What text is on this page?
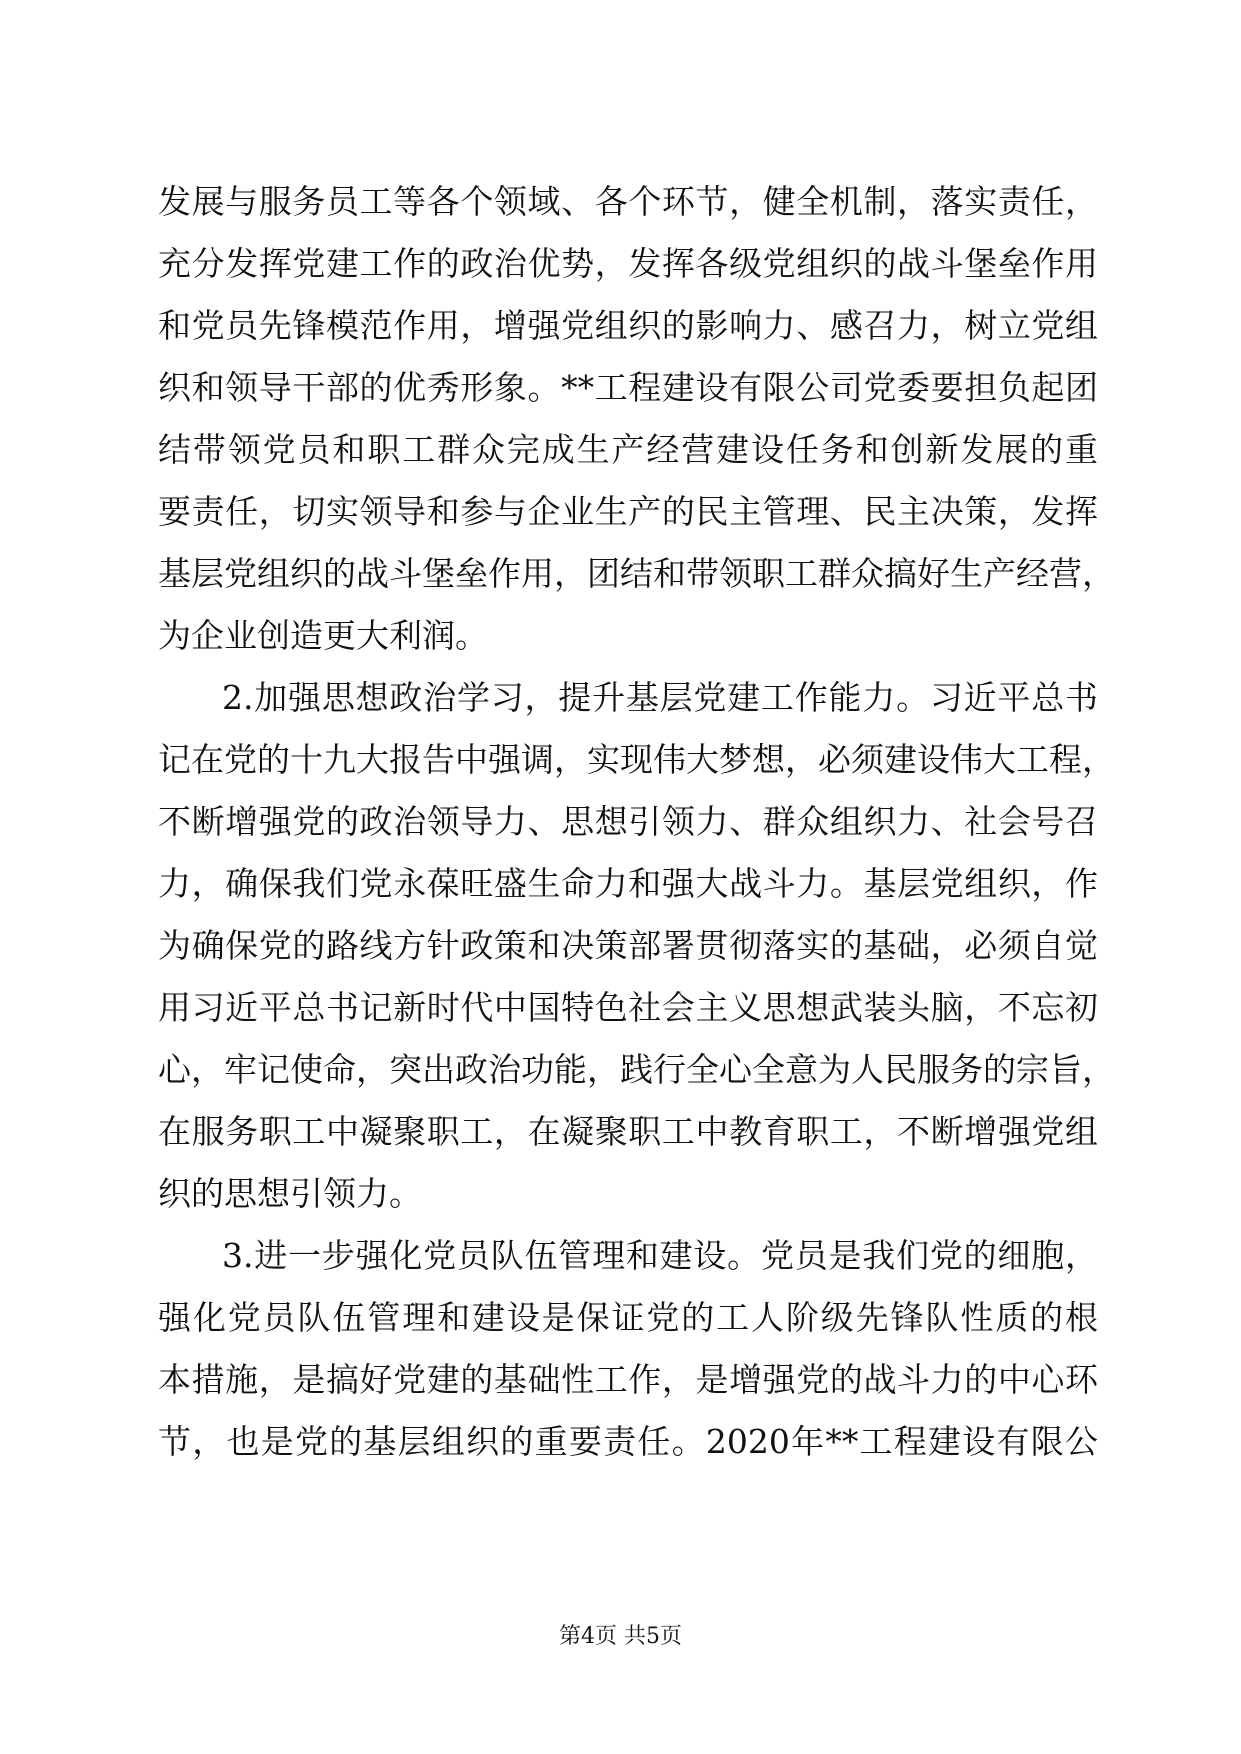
发展与服务员工等各个领域、各个环节，健全机制，落实责任，
充分发挥党建工作的政治优势，发挥各级党组织的战斗堡垒作用
和党员先锋模范作用，增强党组织的影响力、感召力，树立党组
织和领导干部的优秀形象。**工程建设有限公司党委要担负起团
结带领党员和职工群众完成生产经营建设任务和创新发展的重
要责任，切实领导和参与企业生产的民主管理、民主决策，发挥
基层党组织的战斗堡垒作用，团结和带领职工群众搞好生产经营，
为企业创造更大利润。
2.加强思想政治学习，提升基层党建工作能力。习近平总书
记在党的十九大报告中强调，实现伟大梦想，必须建设伟大工程，
不断增强党的政治领导力、思想引领力、群众组织力、社会号召
力，确保我们党永葆旺盛生命力和强大战斗力。基层党组织，作
为确保党的路线方针政策和决策部署贯彻落实的基础，必须自觉
用习近平总书记新时代中国特色社会主义思想武装头脑，不忘初
心，牢记使命，突出政治功能，践行全心全意为人民服务的宗旨，
在服务职工中凝聚职工，在凝聚职工中教育职工，不断增强党组
织的思想引领力。
3.进一步强化党员队伍管理和建设。党员是我们党的细胞，
强化党员队伍管理和建设是保证党的工人阶级先锋队性质的根
本措施，是搞好党建的基础性工作，是增强党的战斗力的中心环
节，也是党的基层组织的重要责任。2020年**工程建设有限公
第4页 共5页
